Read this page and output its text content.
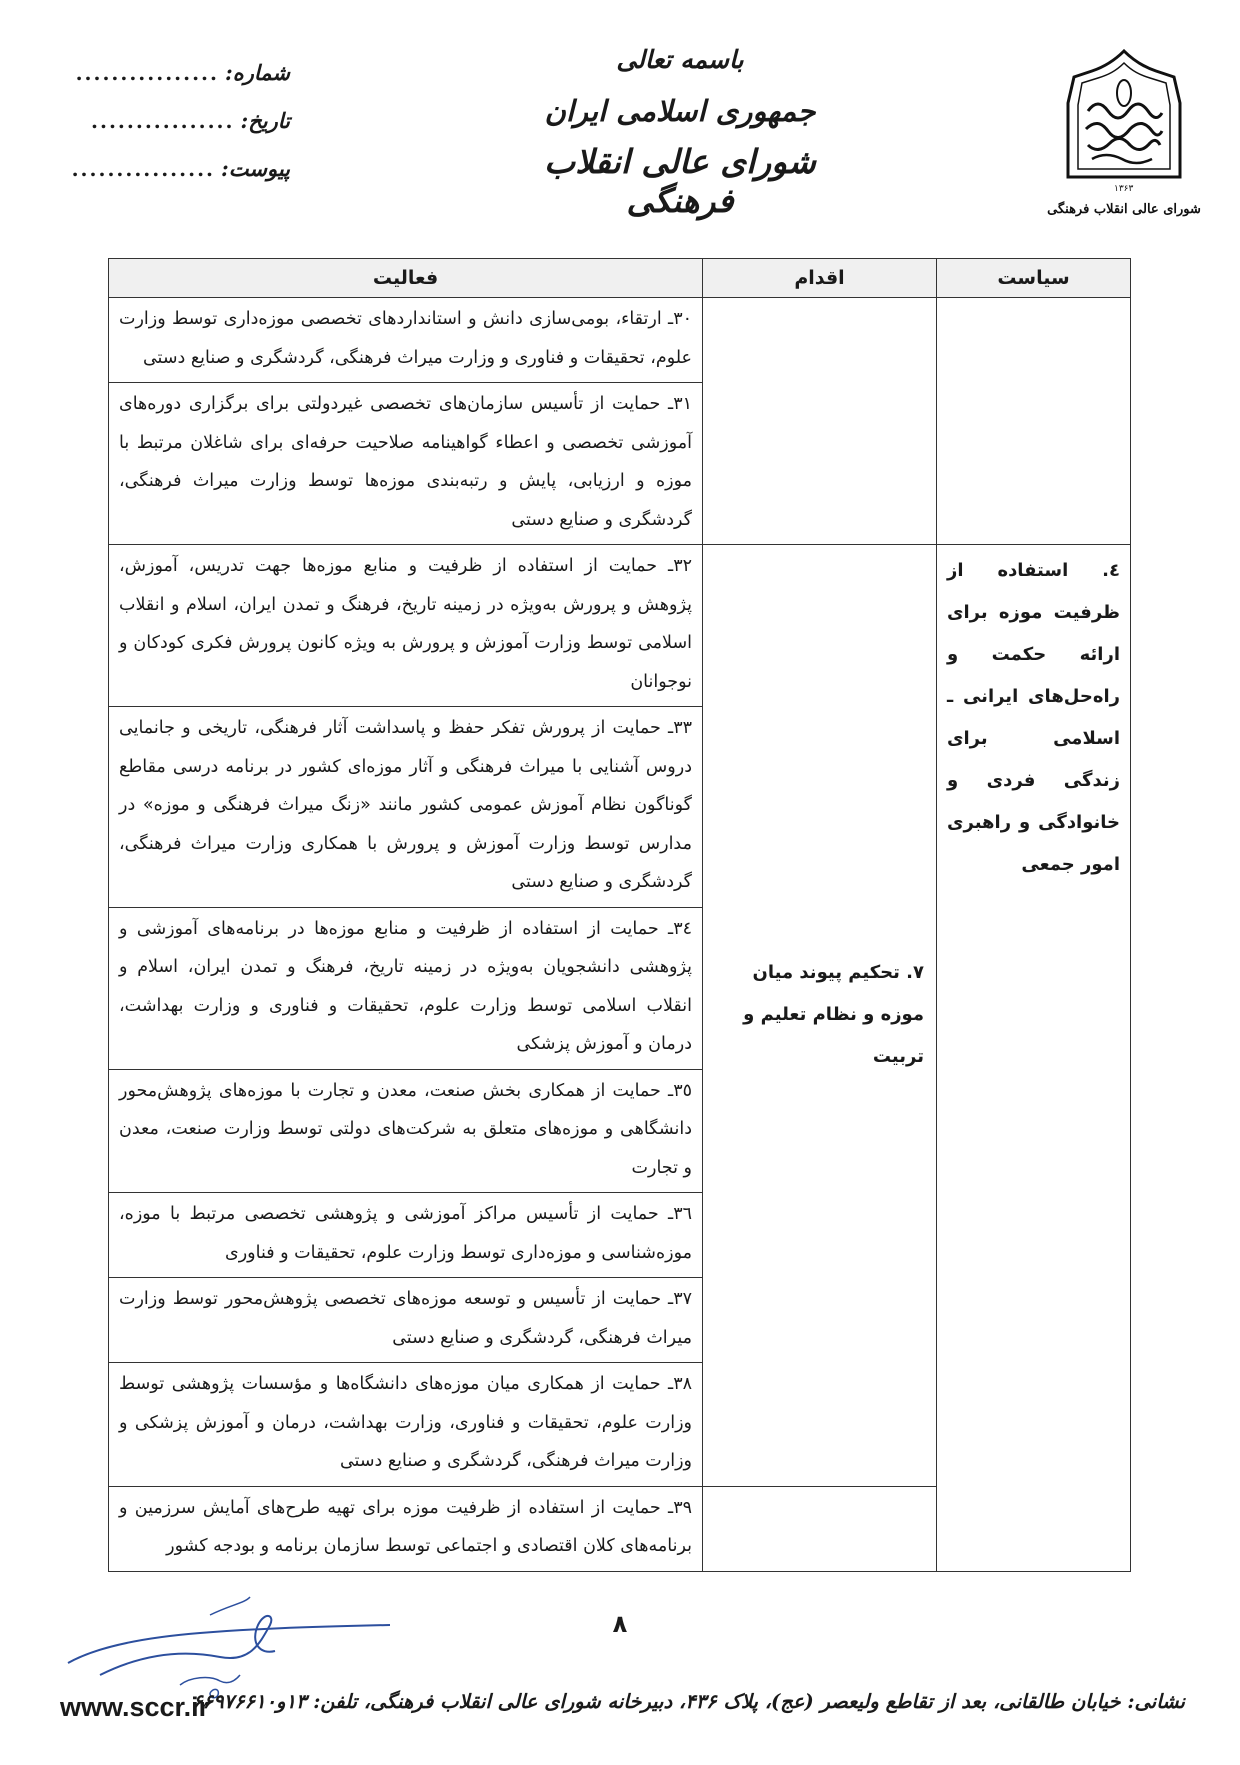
۱۳۶۳
شورای عالی انقلاب فرهنگی
باسمه تعالی
جمهوری اسلامی ایران
شورای عالی انقلاب فرهنگی
شماره:
................
تاریخ:
................
پیوست:
................
سیاست	اقدام	فعالیت
		٣٠ـ ارتقاء، بومی‌سازی دانش و استانداردهای تخصصی موزه‌داری توسط وزارت علوم، تحقیقات و فناوری و وزارت میراث فرهنگی، گردشگری و صنایع دستی
		٣١ـ حمایت از تأسیس سازمان‌های تخصصی غیردولتی برای برگزاری دوره‌های آموزشی تخصصی و اعطاء گواهینامه صلاحیت حرفه‌ای برای شاغلان مرتبط با موزه و ارزیابی، پایش و رتبه‌بندی موزه‌ها توسط وزارت میراث فرهنگی، گردشگری و صنایع دستی
٤. استفاده از ظرفیت موزه برای ارائه حکمت و راه‌حل‌های ایرانی ـ اسلامی برای زندگی فردی و خانوادگی و راهبری امور جمعی	٧. تحکیم پیوند میان موزه و نظام تعلیم و تربیت	٣٢ـ حمایت از استفاده از ظرفیت و منابع موزه‌ها جهت تدریس، آموزش، پژوهش و پرورش به‌ویژه در زمینه تاریخ، فرهنگ و تمدن ایران، اسلام و انقلاب اسلامی توسط وزارت آموزش و پرورش به ویژه کانون پرورش فکری کودکان و نوجوانان
		٣٣ـ حمایت از پرورش تفکر حفظ و پاسداشت آثار فرهنگی، تاریخی و جانمایی دروس آشنایی با میراث فرهنگی و آثار موزه‌ای کشور در برنامه درسی مقاطع گوناگون نظام آموزش عمومی کشور مانند «زنگ میراث فرهنگی و موزه» در مدارس توسط وزارت آموزش و پرورش با همکاری وزارت میراث فرهنگی، گردشگری و صنایع دستی
		٣٤ـ حمایت از استفاده از ظرفیت و منابع موزه‌ها در برنامه‌های آموزشی و پژوهشی دانشجویان به‌ویژه در زمینه تاریخ، فرهنگ و تمدن ایران، اسلام و انقلاب اسلامی توسط وزارت علوم، تحقیقات و فناوری و وزارت بهداشت، درمان و آموزش پزشکی
		٣٥ـ حمایت از همکاری بخش صنعت، معدن و تجارت با موزه‌های پژوهش‌محور دانشگاهی و موزه‌های متعلق به شرکت‌های دولتی توسط وزارت صنعت، معدن و تجارت
		٣٦ـ حمایت از تأسیس مراکز آموزشی و پژوهشی تخصصی مرتبط با موزه، موزه‌شناسی و موزه‌داری توسط وزارت علوم، تحقیقات و فناوری
		٣٧ـ حمایت از تأسیس و توسعه موزه‌های تخصصی پژوهش‌محور توسط وزارت میراث فرهنگی، گردشگری و صنایع دستی
		٣٨ـ حمایت از همکاری میان موزه‌های دانشگاه‌ها و مؤسسات پژوهشی توسط وزارت علوم، تحقیقات و فناوری، وزارت بهداشت، درمان و آموزش پزشکی و وزارت میراث فرهنگی، گردشگری و صنایع دستی
		٣٩ـ حمایت از استفاده از ظرفیت موزه برای تهیه طرح‌های آمایش سرزمین و برنامه‌های کلان اقتصادی و اجتماعی توسط سازمان برنامه و بودجه کشور
٨
www.sccr.ir
نشانی: خیابان طالقانی، بعد از تقاطع ولیعصر (عج)، پلاک ۴۳۶، دبیرخانه شورای عالی انقلاب فرهنگی، تلفن: ۱۳و۶۶۹۷۶۶۱۰
